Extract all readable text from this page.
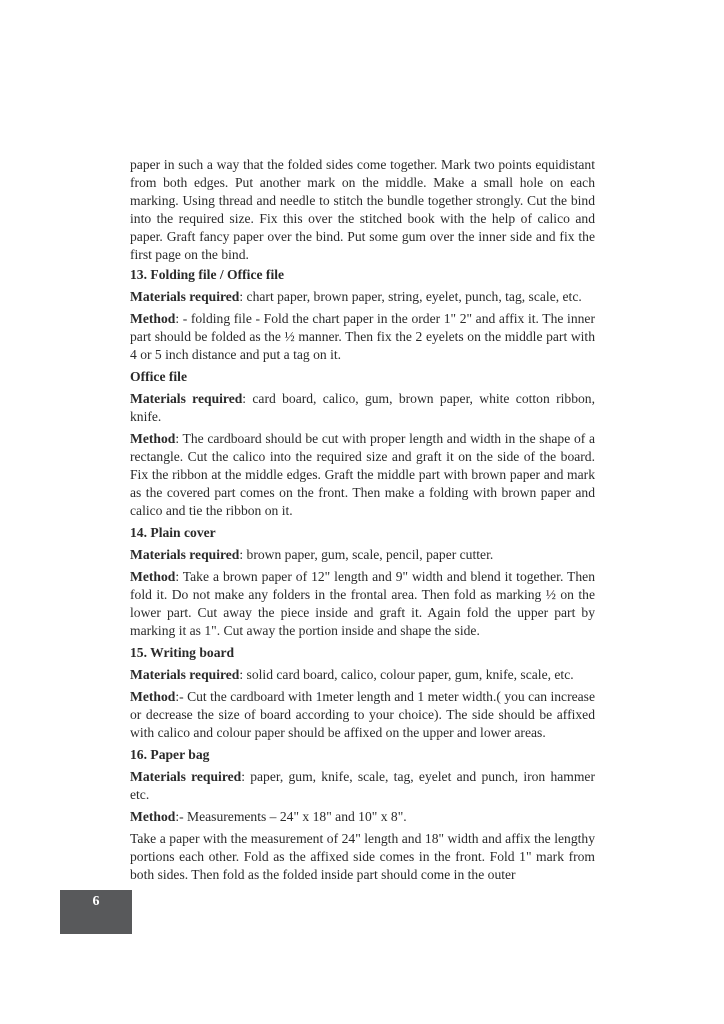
paper in such a way that the folded sides come together. Mark two points equidistant from both edges. Put another mark on the middle. Make a small hole on each marking. Using thread and needle to stitch the bundle together strongly. Cut the bind into the required size. Fix this over the stitched book with the help of calico and paper. Graft fancy paper over the bind. Put some gum over the inner side and fix the first page on the bind.

13. Folding file / Office file

Materials required: chart paper, brown paper, string, eyelet, punch, tag, scale, etc.

Method: - folding file - Fold the chart paper in the order 1" 2" and affix it. The inner part should be folded as the ½ manner. Then fix the 2 eyelets on the middle part with 4 or 5 inch distance and put a tag on it.

Office file

Materials required: card board, calico, gum, brown paper, white cotton ribbon, knife.

Method: The cardboard should be cut with proper length and width in the shape of a rectangle. Cut the calico into the required size and graft it on the side of the board. Fix the ribbon at the middle edges. Graft the middle part with brown paper and mark as the covered part comes on the front. Then make a folding with brown paper and calico and tie the ribbon on it.

14. Plain cover

Materials required: brown paper, gum, scale, pencil, paper cutter.

Method: Take a brown paper of 12" length and 9" width and blend it together. Then fold it. Do not make any folders in the frontal area. Then fold as marking ½ on the lower part. Cut away the piece inside and graft it. Again fold the upper part by marking it as 1". Cut away the portion inside and shape the side.

15. Writing board

Materials required: solid card board, calico, colour paper, gum, knife, scale, etc.

Method:- Cut the cardboard with 1meter length and 1 meter width.( you can increase or decrease the size of board according to your choice). The side should be affixed with calico and colour paper should be affixed on the upper and lower areas.

16. Paper bag

Materials required: paper, gum, knife, scale, tag, eyelet and punch, iron hammer etc.

Method:- Measurements – 24" x 18" and 10" x 8".

Take a paper with the measurement of 24" length and 18" width and affix the lengthy portions each other. Fold as the affixed side comes in the front. Fold 1" mark from both sides. Then fold as the folded inside part should come in the outer

6
